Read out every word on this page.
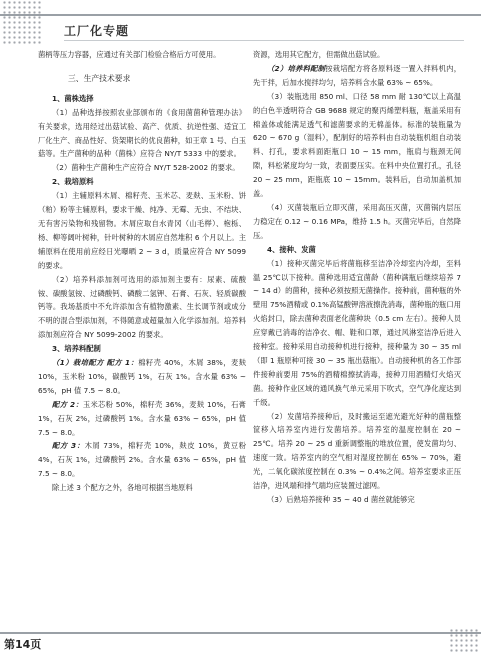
工厂化专题

菌柄等压力容器，应通过有关部门检验合格后方可使用。

三、生产技术要求

1、菌株选择

（1）品种选择按照农业部颁布的《食用菌菌种管理办法》有关要求，选用经过出菇试验、高产、优质、抗逆性强、适宜工厂化生产、商品性好、货架期长的优良菌种，如王章 1 号、白玉菇等。生产菌种的品种（菌株）应符合 NY/T 5333 中的要求。

（2）菌种生产菌种生产应符合 NY/T 528-2002 的要求。

2、栽培原料

（1）主辅原料木屑、棉籽壳、玉米芯、麦麸、玉米粉、饼（粕）粉等主辅原料，要求干燥、纯净、无霉、无虫、不结块、无有害污染物和残留物。木屑应取自水青冈（山毛榉）、枹栎、杨、柳等阔叶树种，针叶树种的木屑应自然堆积 6 个月以上。主辅原料在使用前应经日光曝晒 2 ~ 3 d，质量应符合 NY 5099 的要求。

（2）培养料添加剂可选用的添加剂主要有：尿素、硫酸铵、碳酸氢铵、过磷酸钙、磷酸二氢钾、石膏、石灰、轻质碳酸钙等。我场基质中不允许添加含有植物激素、生长调节剂或成分不明的混合型添加剂，不得随意或超量加入化学添加剂。培养料添加剂应符合 NY 5099-2002 的要求。

3、培养料配制

（1）栽培配方 配方 1：棉籽壳 40%，木屑 38%，麦麸 10%，玉米粉 10%，碳酸钙 1%，石灰 1%。含水量 63% ~ 65%，pH 值 7.5 ~ 8.0。

配方 2：玉米芯粉 50%，棉籽壳 36%，麦麸 10%，石膏 1%，石灰 2%，过磷酸钙 1%。含水量 63% ~ 65%，pH 值 7.5 ~ 8.0。

配方 3：木屑 73%，棉籽壳 10%，麸皮 10%，黄豆粉 4%，石灰 1%，过磷酸钙 2%。含水量 63% ~ 65%，pH 值 7.5 ~ 8.0。

除上述 3 个配方之外，各地可根据当地原料

资源，选用其它配方，但需做出菇试验。

（2）培养料配制按栽培配方将各原料逐一置入拌料机内，先干拌，后加水搅拌均匀，培养料含水量 63% ~ 65%。

（3）装瓶选用 850 ml、口径 58 mm 耐 130℃以上高温的白色半透明符合 GB 9688 规定的聚丙烯塑料瓶，瓶盖采用有棉盖体或能满足透气和滤菌要求的无棉盖体。标准的装瓶量为 620 ~ 670 g（湿料），配制好的培养料由自动装瓶机组自动装料、打孔，要求料面距瓶口 10 ~ 15 mm，瓶肩与瓶颈无间隙，料松紧度均匀一致，表面要压实。在料中央位置打孔，孔径 20 ~ 25 mm，距瓶底 10 ~ 15mm。装料后，自动加盖机加盖。

（4）灭菌装瓶后立即灭菌，采用高压灭菌，灭菌锅内层压力稳定在 0.12 ~ 0.16 MPa，维持 1.5 h。灭菌完毕后，自然降压。

4、接种、发菌

（1）接种灭菌完毕后将菌瓶移至洁净冷却室内冷却，至料温 25℃以下接种。菌种选用适宜菌龄（菌种满瓶后继续培养 7 ~ 14 d）的菌种，接种必须按照无菌操作。接种前，菌种瓶的外壁用 75%酒精或 0.1%高锰酸钾溶液擦洗消毒，菌种瓶的瓶口用火焰封口，除去菌种表面老化菌种块（0.5 cm 左右）。接种人员应穿戴已消毒的洁净衣、帽、鞋和口罩，通过风淋室洁净后进入接种室。接种采用自动接种机进行接种，接种量为 30 ~ 35 ml（即 1 瓶原种可接 30 ~ 35 瓶出菇瓶）。自动接种机的各工作部件接种前要用 75%的酒精棉擦拭消毒，接种刀用酒精灯火焰灭菌。接种作业区域的通风换气单元采用下吹式，空气净化度达到千级。

（2）发菌培养接种后，及时搬运至遮光避光好种的菌瓶整筐移入培养室内进行发菌培养。培养室的温度控制在 20 ~ 25℃。培养 20 ~ 25 d 重新调整瓶的堆放位置，使发菌均匀、速度一致。培养室内的空气相对湿度控制在 65% ~ 70%，避光，二氧化碳浓度控制在 0.3% ~ 0.4%之间。培养室要求正压洁净，进风端和排气端均应装置过滤网。

（3）后熟培养接种 35 ~ 40 d 菌丝就能够完

第14页
